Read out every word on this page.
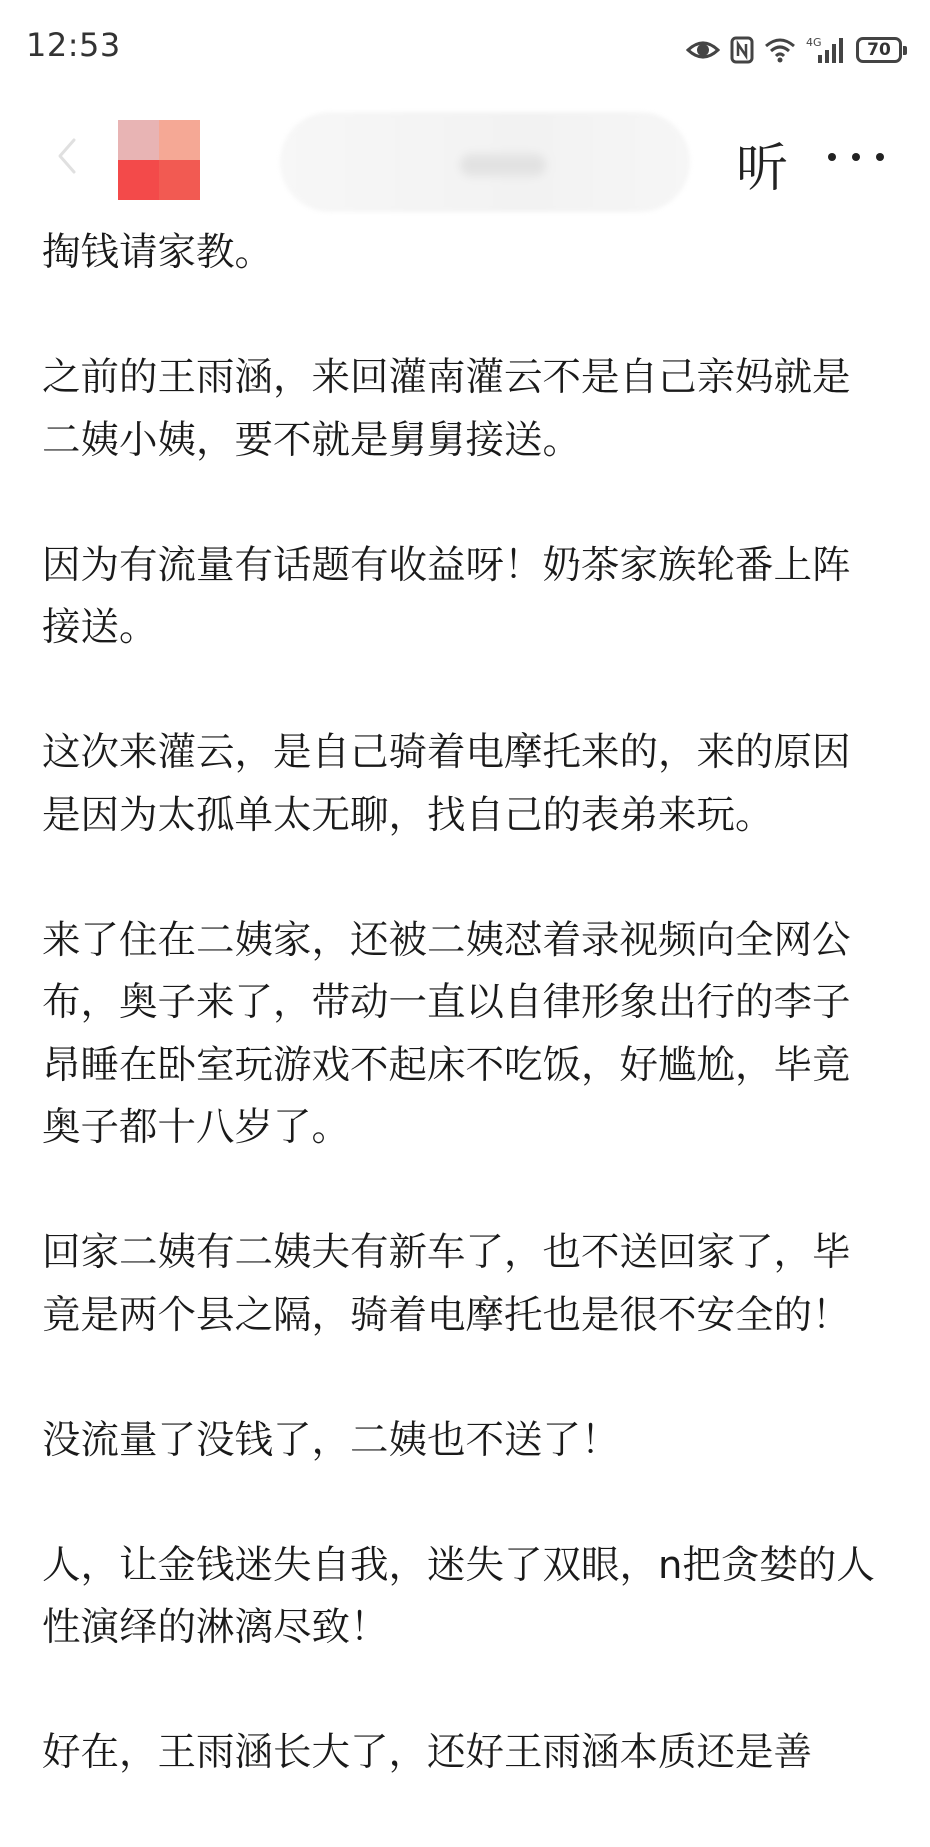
12:53	4G	70
听

掏钱请家教。

之前的王雨涵，来回灌南灌云不是自己亲妈就是二姨小姨，要不就是舅舅接送。

因为有流量有话题有收益呀！奶茶家族轮番上阵接送。

这次来灌云，是自己骑着电摩托来的，来的原因是因为太孤单太无聊，找自己的表弟来玩。

来了住在二姨家，还被二姨怼着录视频向全网公布，奥子来了，带动一直以自律形象出行的李子昂睡在卧室玩游戏不起床不吃饭，好尴尬，毕竟奥子都十八岁了。

回家二姨有二姨夫有新车了，也不送回家了，毕竟是两个县之隔，骑着电摩托也是很不安全的！

没流量了没钱了，二姨也不送了！

人，让金钱迷失自我，迷失了双眼，n把贪婪的人性演绎的淋漓尽致！

好在，王雨涵长大了，还好王雨涵本质还是善
